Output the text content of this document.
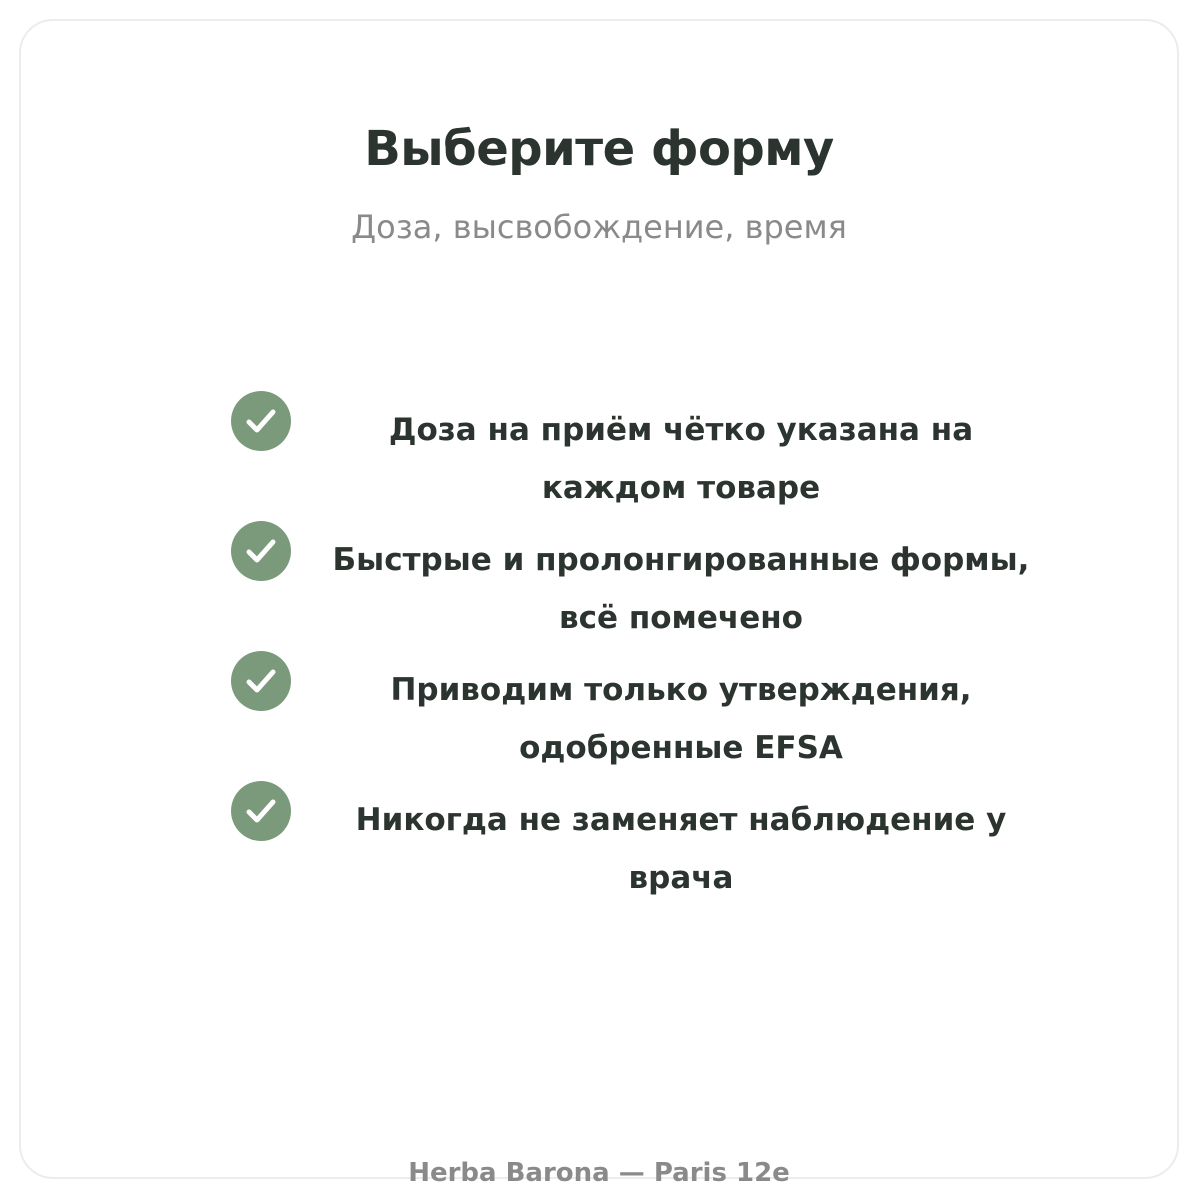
Выберите форму
Доза, высвобождение, время
Доза на приём чётко указана на каждом товаре
Быстрые и пролонгированные формы, всё помечено
Приводим только утверждения, одобренные EFSA
Никогда не заменяет наблюдение у врача
Herba Barona — Paris 12e
